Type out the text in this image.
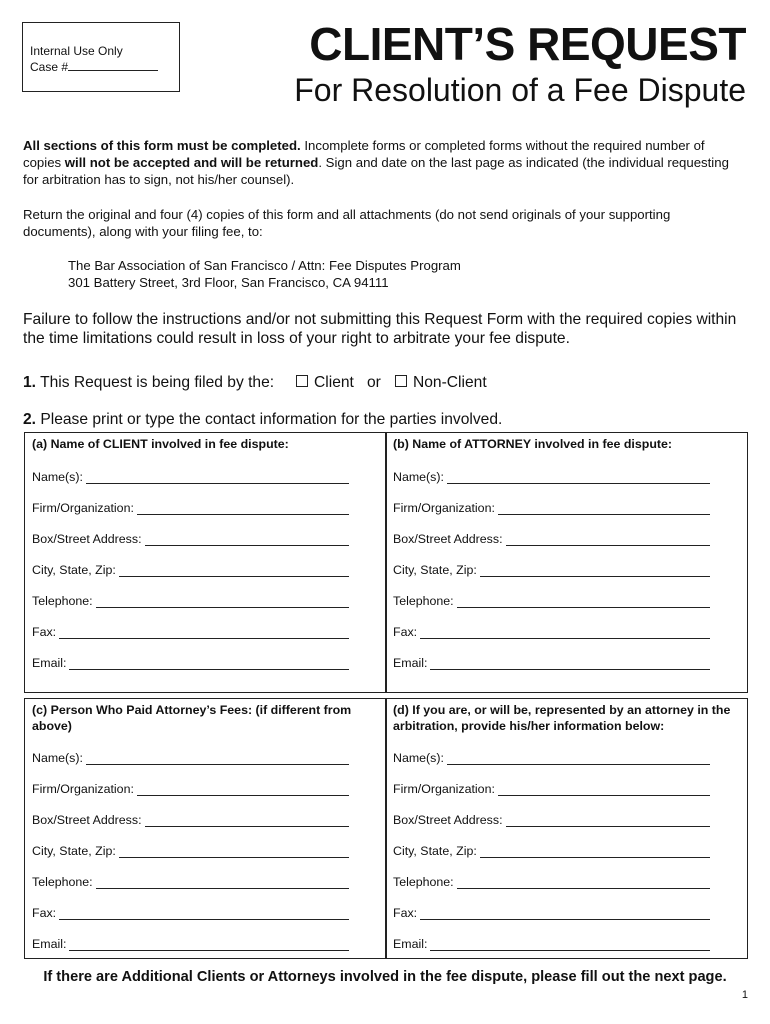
Internal Use Only
Case #	CLIENT’S REQUEST
For Resolution of a Fee Dispute
All sections of this form must be completed. Incomplete forms or completed forms without the required number of copies will not be accepted and will be returned. Sign and date on the last page as indicated (the individual requesting for arbitration has to sign, not his/her counsel).
Return the original and four (4) copies of this form and all attachments (do not send originals of your supporting documents), along with your filing fee, to:
The Bar Association of San Francisco / Attn: Fee Disputes Program
301 Battery Street, 3rd Floor, San Francisco, CA 94111
Failure to follow the instructions and/or not submitting this Request Form with the required copies within the time limitations could result in loss of your right to arbitrate your fee dispute.
1. This Request is being filed by the:	Client or	Non-Client
2. Please print or type the contact information for the parties involved.
(a) Name of CLIENT involved in fee dispute:
Name(s):
Firm/Organization:
Box/Street Address:
City, State, Zip:
Telephone:
Fax:
Email:
(b) Name of ATTORNEY involved in fee dispute:
Name(s):
Firm/Organization:
Box/Street Address:
City, State, Zip:
Telephone:
Fax:
Email:
(c) Person Who Paid Attorney’s Fees: (if different from above)
Name(s):
Firm/Organization:
Box/Street Address:
City, State, Zip:
Telephone:
Fax:
Email:
(d) If you are, or will be, represented by an attorney in the arbitration, provide his/her information below:
Name(s):
Firm/Organization:
Box/Street Address:
City, State, Zip:
Telephone:
Fax:
Email:
If there are Additional Clients or Attorneys involved in the fee dispute, please fill out the next page.
1
